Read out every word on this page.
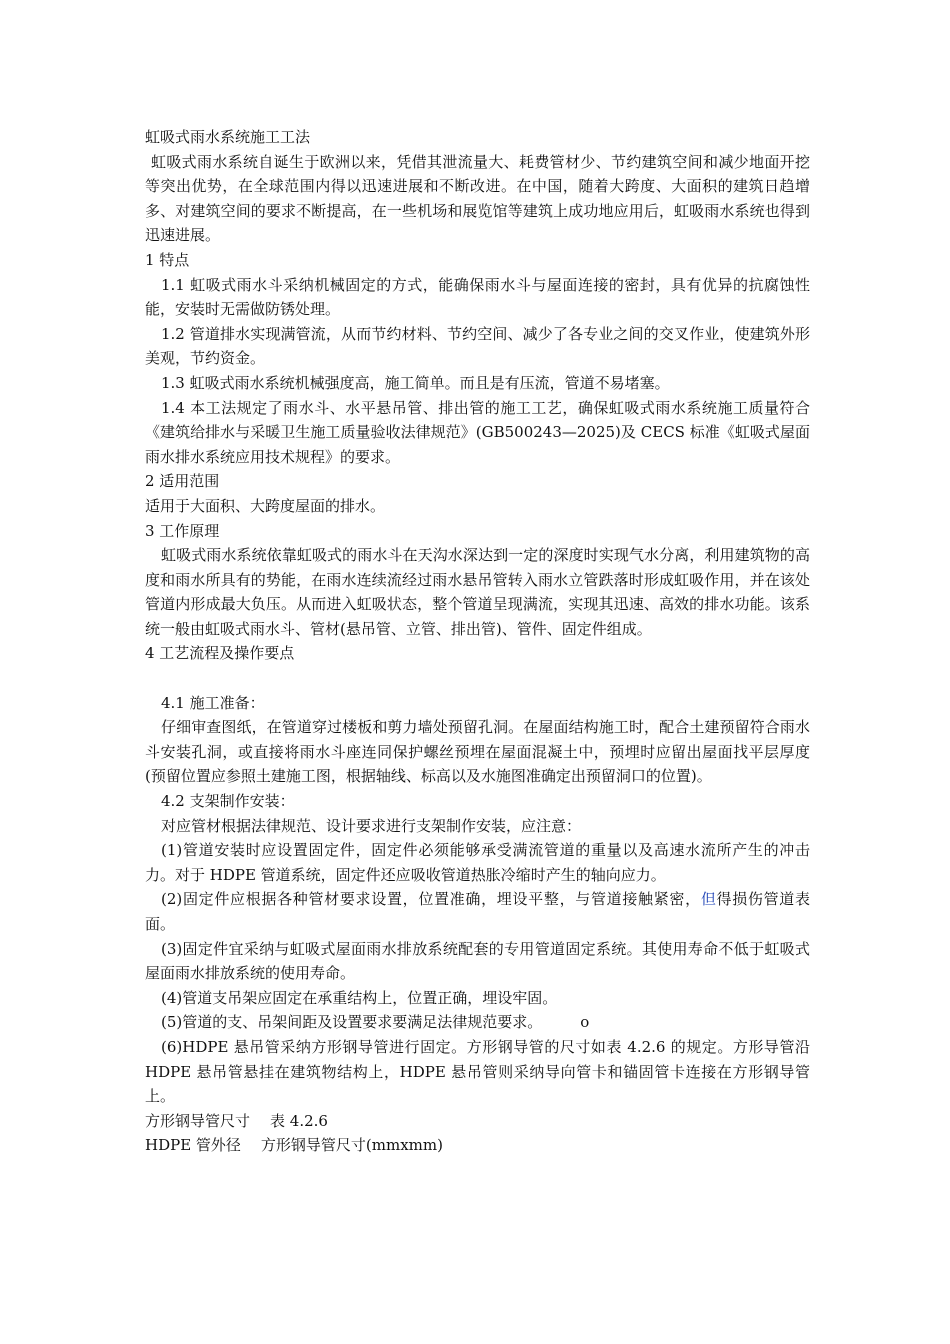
虹吸式雨水系统施工工法

虹吸式雨水系统自诞生于欧洲以来，凭借其泄流量大、耗费管材少、节约建筑空间和减少地面开挖等突出优势，在全球范围内得以迅速进展和不断改进。在中国，随着大跨度、大面积的建筑日趋增多、对建筑空间的要求不断提高，在一些机场和展览馆等建筑上成功地应用后，虹吸雨水系统也得到迅速进展。

1 特点

1.1 虹吸式雨水斗采纳机械固定的方式，能确保雨水斗与屋面连接的密封，具有优异的抗腐蚀性能，安装时无需做防锈处理。

1.2 管道排水实现满管流，从而节约材料、节约空间、减少了各专业之间的交叉作业，使建筑外形美观，节约资金。

1.3 虹吸式雨水系统机械强度高，施工简单。而且是有压流，管道不易堵塞。

1.4 本工法规定了雨水斗、水平悬吊管、排出管的施工工艺，确保虹吸式雨水系统施工质量符合《建筑给排水与采暖卫生施工质量验收法律规范》(GB500243—2025)及 CECS 标准《虹吸式屋面雨水排水系统应用技术规程》的要求。

2 适用范围

适用于大面积、大跨度屋面的排水。

3 工作原理

虹吸式雨水系统依靠虹吸式的雨水斗在天沟水深达到一定的深度时实现气水分离，利用建筑物的高度和雨水所具有的势能，在雨水连续流经过雨水悬吊管转入雨水立管跌落时形成虹吸作用，并在该处管道内形成最大负压。从而进入虹吸状态，整个管道呈现满流，实现其迅速、高效的排水功能。该系统一般由虹吸式雨水斗、管材(悬吊管、立管、排出管)、管件、固定件组成。

4 工艺流程及操作要点

4.1 施工准备：

仔细审查图纸，在管道穿过楼板和剪力墙处预留孔洞。在屋面结构施工时，配合土建预留符合雨水斗安装孔洞，或直接将雨水斗座连同保护螺丝预埋在屋面混凝土中，预埋时应留出屋面找平层厚度(预留位置应参照土建施工图，根据轴线、标高以及水施图准确定出预留洞口的位置)。

4.2 支架制作安装：

对应管材根据法律规范、设计要求进行支架制作安装，应注意：

(1)管道安装时应设置固定件，固定件必须能够承受满流管道的重量以及高速水流所产生的冲击力。对于 HDPE 管道系统，固定件还应吸收管道热胀冷缩时产生的轴向应力。

(2)固定件应根据各种管材要求设置，位置准确，埋设平整，与管道接触紧密，但得损伤管道表面。

(3)固定件宜采纳与虹吸式屋面雨水排放系统配套的专用管道固定系统。其使用寿命不低于虹吸式屋面雨水排放系统的使用寿命。

(4)管道支吊架应固定在承重结构上，位置正确，埋设牢固。

(5)管道的支、吊架间距及设置要求要满足法律规范要求。	o

(6)HDPE 悬吊管采纳方形钢导管进行固定。方形钢导管的尺寸如表 4.2.6 的规定。方形导管沿 HDPE 悬吊管悬挂在建筑物结构上，HDPE 悬吊管则采纳导向管卡和锚固管卡连接在方形钢导管上。

方形钢导管尺寸 表 4.2.6

HDPE 管外径 方形钢导管尺寸(mmxmm)
